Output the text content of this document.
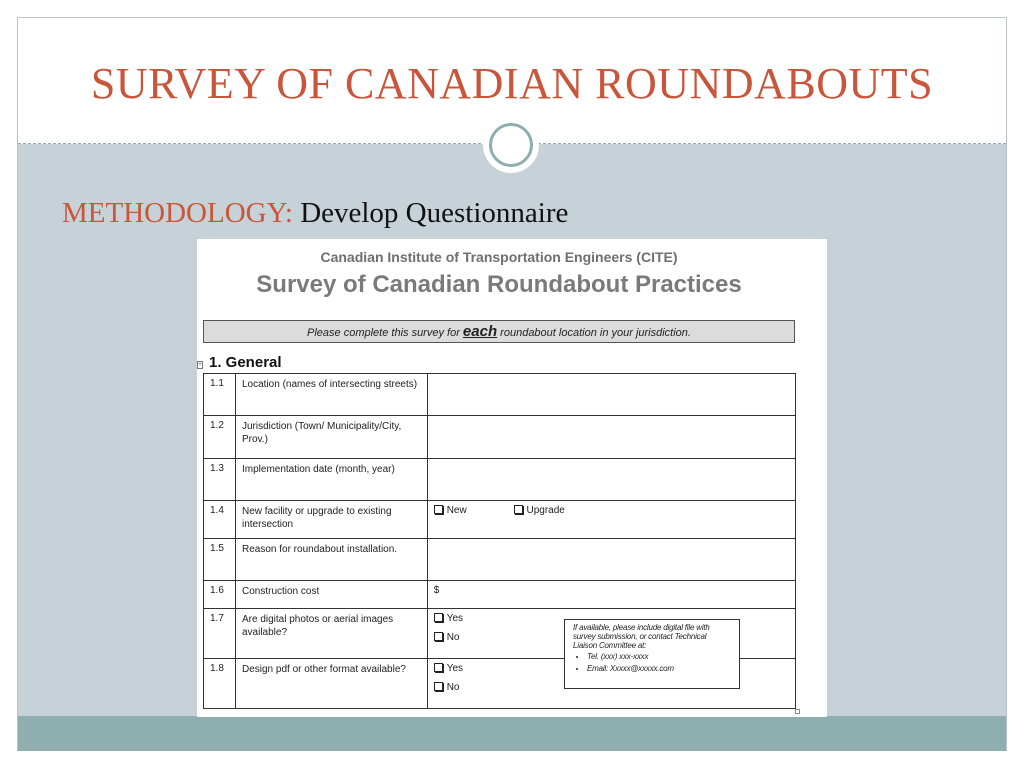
SURVEY OF CANADIAN ROUNDABOUTS
METHODOLOGY: Develop Questionnaire
Canadian Institute of Transportation Engineers (CITE)
Survey of Canadian Roundabout Practices
Please complete this survey for each roundabout location in your jurisdiction.
+ 1. General
1.1	Location (names of intersecting streets)	
1.2	Jurisdiction (Town/ Municipality/City, Prov.)	
1.3	Implementation date (month, year)	
1.4	New facility or upgrade to existing intersection	New Upgrade
1.5	Reason for roundabout installation.	
1.6	Construction cost	$
1.7	Are digital photos or aerial images available?	Yes
No

1.8	Design pdf or other format available?	Yes
No
If available, please include digital file with survey submission, or contact Technical Liaison Committee at:
• Tel. (xxx) xxx-xxxx
• Email: Xxxxx@xxxxx.com
